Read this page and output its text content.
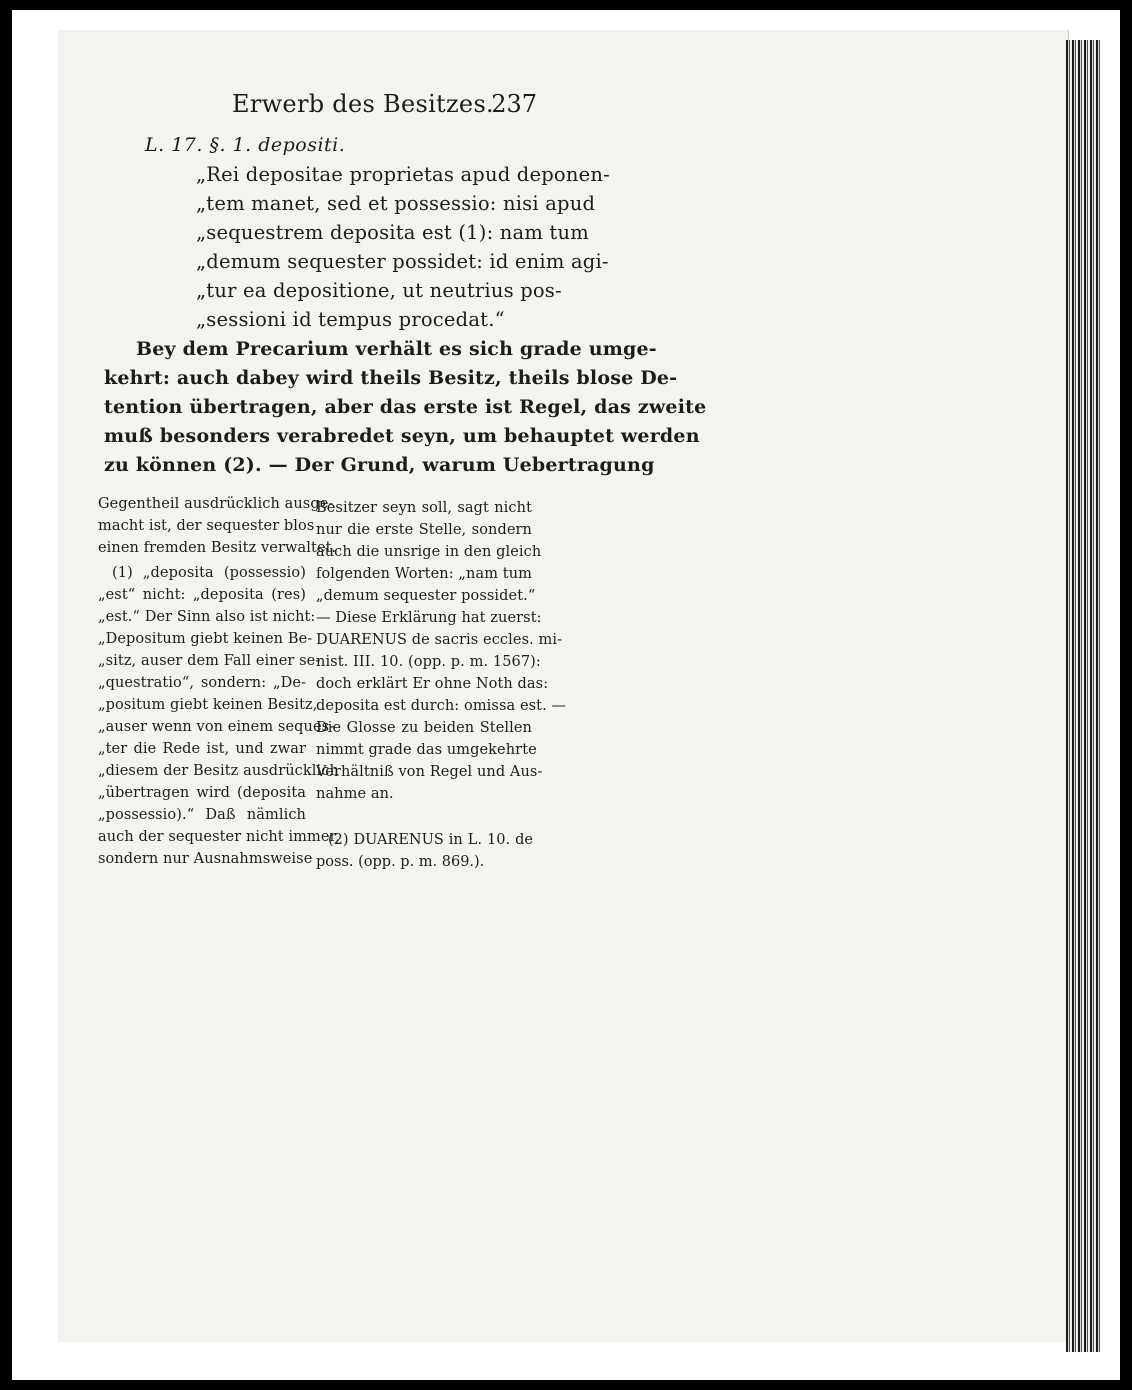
Erwerb des Besitzes.
237
L. 17. §. 1. depositi.
„Rei depositae proprietas apud deponen-
„tem manet, sed et possessio: nisi apud
„sequestrem deposita est (1): nam tum
„demum sequester possidet: id enim agi-
„tur ea depositione, ut neutrius pos-
„sessioni id tempus procedat.“
Bey dem Precarium verhält es sich grade umge-
kehrt: auch dabey wird theils Besitz, theils blose De-
tention übertragen, aber das erste ist Regel, das zweite
muß besonders verabredet seyn, um behauptet werden
zu können (2). — Der Grund, warum Uebertragung
Gegentheil ausdrücklich ausge-
macht ist, der sequester blos
einen fremden Besitz verwaltet.
(1) „deposita (possessio)
„est“ nicht: „deposita (res)
„est.“ Der Sinn also ist nicht:
„Depositum giebt keinen Be-
„sitz, auser dem Fall einer se-
„questratio“, sondern: „De-
„positum giebt keinen Besitz,
„auser wenn von einem seques-
„ter die Rede ist, und zwar
„diesem der Besitz ausdrücklich
„übertragen wird (deposita
„possessio).“ Daß nämlich
auch der sequester nicht immer,
sondern nur Ausnahmsweise
Besitzer seyn soll, sagt nicht
nur die erste Stelle, sondern
auch die unsrige in den gleich
folgenden Worten: „nam tum
„demum sequester possidet.“
— Diese Erklärung hat zuerst:
DUARENUS de sacris eccles. mi-
nist. III. 10. (opp. p. m. 1567):
doch erklärt Er ohne Noth das:
deposita est durch: omissa est. —
Die Glosse zu beiden Stellen
nimmt grade das umgekehrte
Verhältniß von Regel und Aus-
nahme an.
(2) DUARENUS in L. 10. de
poss. (opp. p. m. 869.).
